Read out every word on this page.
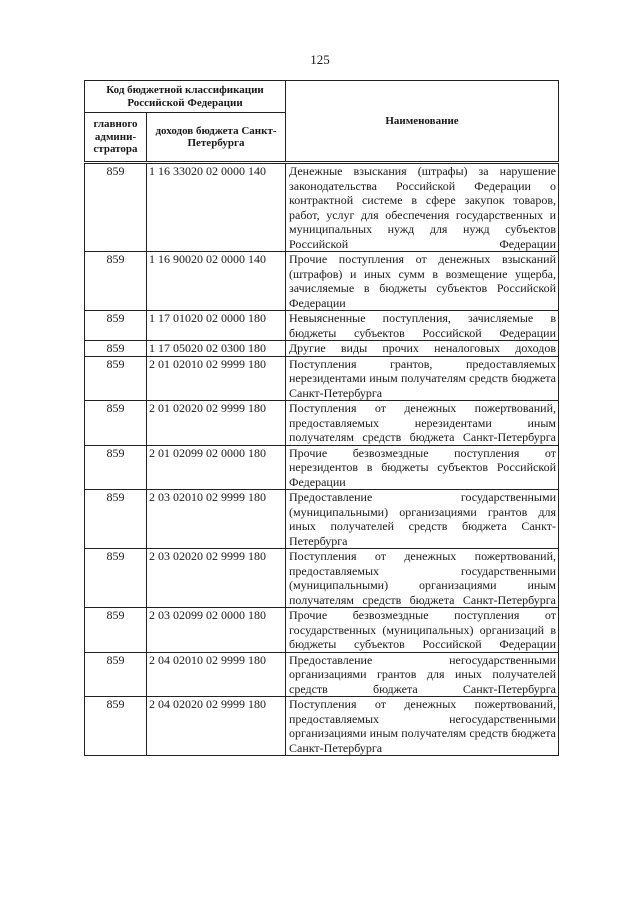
125
Код бюджетной классификации Российской Федерации		Наименование
главного админи-стратора	доходов бюджета Санкт-Петербурга	
859	1 16 33020 02 0000 140	Денежные взыскания (штрафы) за нарушение законодательства Российской Федерации о контрактной системе в сфере закупок товаров, работ, услуг для обеспечения государственных и муниципальных нужд для нужд субъектов Российской Федерации
859	1 16 90020 02 0000 140	Прочие поступления от денежных взысканий (штрафов) и иных сумм в возмещение ущерба, зачисляемые в бюджеты субъектов Российской Федерации
859	1 17 01020 02 0000 180	Невыясненные поступления, зачисляемые в бюджеты субъектов Российской Федерации
859	1 17 05020 02 0300 180	Другие виды прочих неналоговых доходов
859	2 01 02010 02 9999 180	Поступления грантов, предоставляемых нерезидентами иным получателям средств бюджета Санкт-Петербурга
859	2 01 02020 02 9999 180	Поступления от денежных пожертвований, предоставляемых нерезидентами иным получателям средств бюджета Санкт-Петербурга
859	2 01 02099 02 0000 180	Прочие безвозмездные поступления от нерезидентов в бюджеты субъектов Российской Федерации
859	2 03 02010 02 9999 180	Предоставление государственными (муниципальными) организациями грантов для иных получателей средств бюджета Санкт-Петербурга
859	2 03 02020 02 9999 180	Поступления от денежных пожертвований, предоставляемых государственными (муниципальными) организациями иным получателям средств бюджета Санкт-Петербурга
859	2 03 02099 02 0000 180	Прочие безвозмездные поступления от государственных (муниципальных) организаций в бюджеты субъектов Российской Федерации
859	2 04 02010 02 9999 180	Предоставление негосударственными организациями грантов для иных получателей средств бюджета Санкт-Петербурга
859	2 04 02020 02 9999 180	Поступления от денежных пожертвований, предоставляемых негосударственными организациями иным получателям средств бюджета Санкт-Петербурга
